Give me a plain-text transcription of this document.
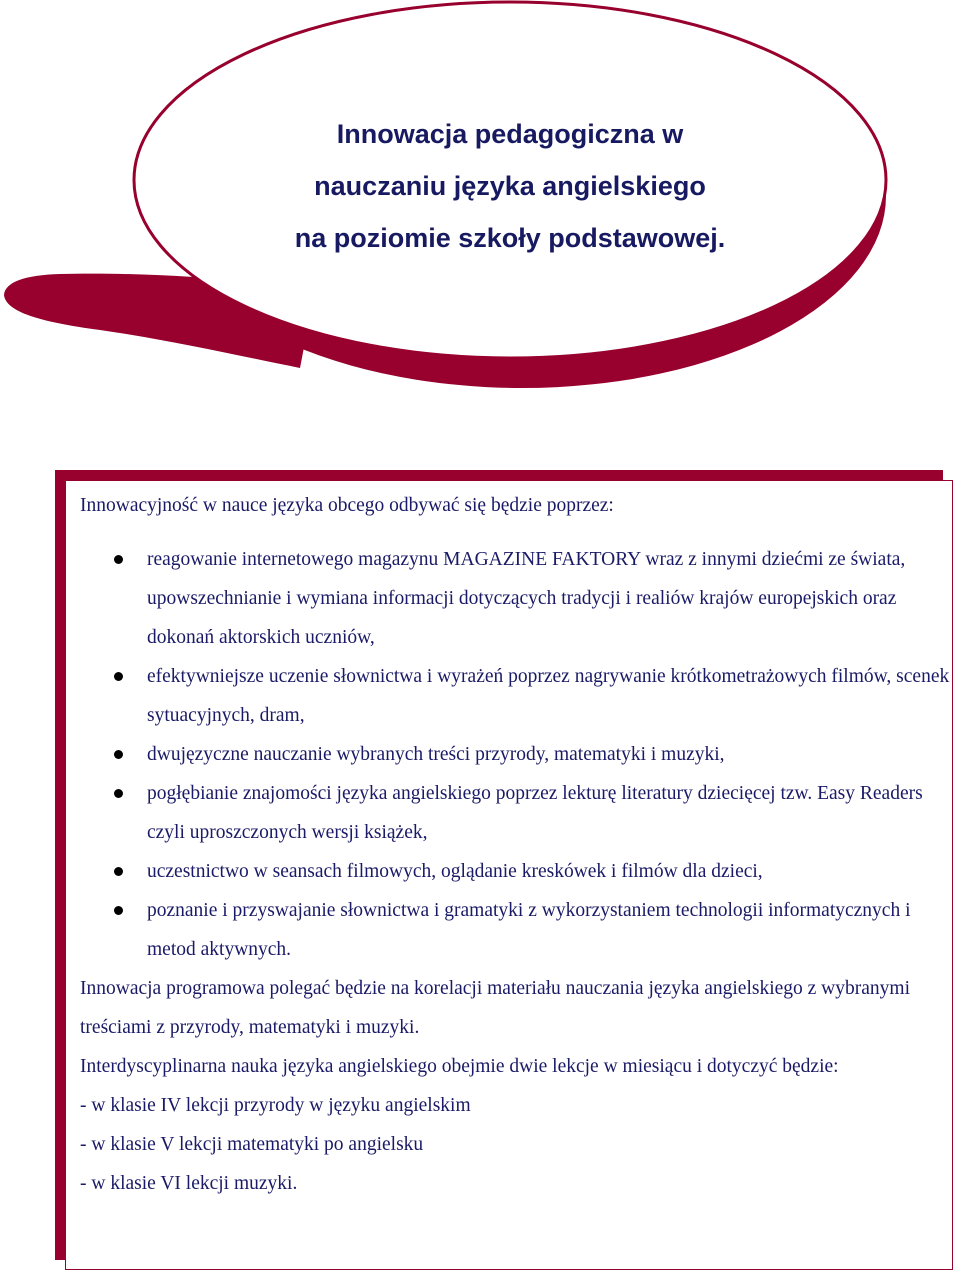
Innowacja pedagogiczna w
nauczaniu języka angielskiego
na poziomie szkoły podstawowej.

Innowacyjność w nauce języka obcego odbywać się będzie poprzez:

reagowanie internetowego magazynu MAGAZINE FAKTORY wraz z innymi dziećmi ze świata, upowszechnianie i wymiana informacji dotyczących tradycji i realiów krajów europejskich oraz dokonań aktorskich uczniów,
efektywniejsze uczenie słownictwa i wyrażeń poprzez nagrywanie krótkometrażowych filmów, scenek sytuacyjnych, dram,
dwujęzyczne nauczanie wybranych treści przyrody, matematyki i muzyki,
pogłębianie znajomości języka angielskiego poprzez lekturę literatury dziecięcej tzw. Easy Readers czyli uproszczonych wersji książek,
uczestnictwo w seansach filmowych, oglądanie kreskówek i filmów dla dzieci,
poznanie i przyswajanie słownictwa i gramatyki z wykorzystaniem technologii informatycznych i metod aktywnych.

Innowacja programowa polegać będzie na korelacji materiału nauczania języka angielskiego z wybranymi treściami z przyrody, matematyki i muzyki.

Interdyscyplinarna nauka języka angielskiego obejmie dwie lekcje w miesiącu i dotyczyć będzie:

- w klasie IV lekcji przyrody w języku angielskim

- w klasie V lekcji matematyki po angielsku

- w klasie VI lekcji muzyki.
